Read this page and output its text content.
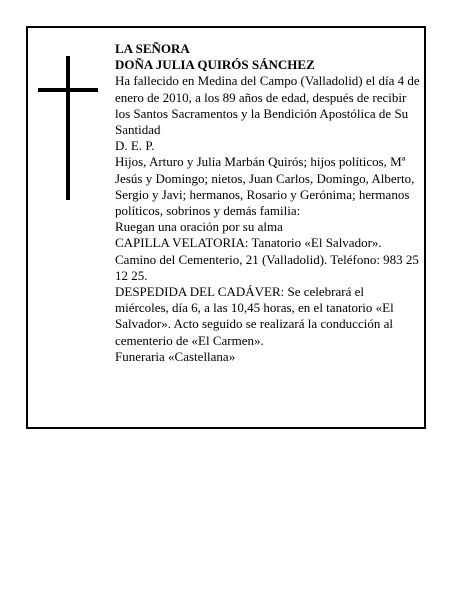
LA SEÑORA

DOÑA JULIA QUIRÓS SÁNCHEZ

Ha fallecido en Medina del Campo (Valladolid) el día 4 de enero de 2010, a los 89 años de edad, después de recibir los Santos Sacramentos y la Bendición Apostólica de Su Santidad

D. E. P.

Hijos, Arturo y Julia Marbán Quirós; hijos políticos, Mª Jesús y Domingo; nietos, Juan Carlos, Domingo, Alberto, Sergio y Javi; hermanos, Rosario y Gerónima; hermanos políticos, sobrinos y demás familia:

Ruegan una oración por su alma

CAPILLA VELATORIA: Tanatorio «El Salvador». Camino del Cementerio, 21 (Valladolid). Teléfono: 983 25 12 25.

DESPEDIDA DEL CADÁVER: Se celebrará el miércoles, día 6, a las 10,45 horas, en el tanatorio «El Salvador». Acto seguido se realizará la conducción al cementerio de «El Carmen».

Funeraria «Castellana»
